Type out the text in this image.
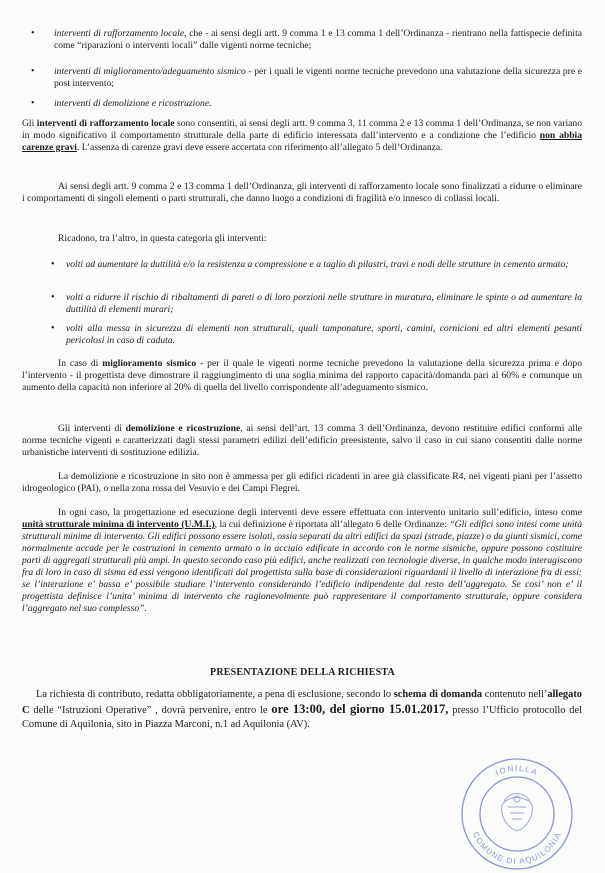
• interventi di rafforzamento locale, che - ai sensi degli artt. 9 comma 1 e 13 comma 1 dell’Ordinanza - rientrano nella fattispecie definita come “riparazioni o interventi locali” dalle vigenti norme tecniche;
• interventi di miglioramento/adeguamento sismico - per i quali le vigenti norme tecniche prevedono una valutazione della sicurezza pre e post intervento;
• interventi di demolizione e ricostruzione.
Gli interventi di rafforzamento locale sono consentiti, ai sensi degli artt. 9 comma 3, 11 comma 2 e 13 comma 1 dell’Ordinanza, se non variano in modo significativo il comportamento strutturale della parte di edificio interessata dall’intervento e a condizione che l’edificio non abbia carenze gravi. L’assenza di carenze gravi deve essere accertata con riferimento all’allegato 5 dell’Ordinanza.
Ai sensi degli artt. 9 comma 2 e 13 comma 1 dell’Ordinanza, gli interventi di rafforzamento locale sono finalizzati a ridurre o eliminare i comportamenti di singoli elementi o parti strutturali, che danno luogo a condizioni di fragilità e/o innesco di collassi locali.
Ricadono, tra l’altro, in questa categoria gli interventi:
• volti ad aumentare la duttilità e/o la resistenza a compressione e a taglio di pilastri, travi e nodi delle strutture in cemento armato;
• volti a ridurre il rischio di ribaltamenti di pareti o di loro porzioni nelle strutture in muratura, eliminare le spinte o ad aumentare la duttilità di elementi murari;
• volti alla messa in sicurezza di elementi non strutturali, quali tamponature, sporti, camini, cornicioni ed altri elementi pesanti pericolosi in caso di caduta.
In caso di miglioramento sismico - per il quale le vigenti norme tecniche prevedono la valutazione della sicurezza prima e dopo l’intervento - il progettista deve dimostrare il raggiungimento di una soglia minima del rapporto capacità/domanda pari al 60% e comunque un aumento della capacità non inferiore al 20% di quella del livello corrispondente all’adeguamento sismico.
Gli interventi di demolizione e ricostruzione, ai sensi dell’art. 13 comma 3 dell’Ordinanza, devono restituire edifici conformi alle norme tecniche vigenti e caratterizzati dagli stessi parametri edilizi dell’edificio preesistente, salvo il caso in cui siano consentiti dalle norme urbanistiche interventi di sostituzione edilizia.
La demolizione e ricostruzione in sito non è ammessa per gli edifici ricadenti in aree già classificate R4, nei vigenti piani per l’assetto idrogeologico (PAI), o nella zona rossa del Vesuvio e dei Campi Flegrei.
In ogni caso, la progettazione ed esecuzione degli interventi deve essere effettuata con intervento unitario sull’edificio, inteso come unità strutturale minima di intervento (U.M.I.), la cui definizione è riportata all’allegato 6 delle Ordinanze: “Gli edifici sono intesi come unità strutturali minime di intervento. Gli edifici possono essere isolati, ossia separati da altri edifici da spazi (strade, piazze) o da giunti sismici, come normalmente accade per le costruzioni in cemento armato o in acciaio edificate in accordo con le norme sismiche, oppure possono costituire parti di aggregati strutturali più ampi. In questo secondo caso più edifici, anche realizzati con tecnologie diverse, in qualche modo interagiscono fra di loro in caso di sisma ed essi vengono identificati dal progettista sulla base di considerazioni riguardanti il livello di interazione fra di essi: se l’interazione e’ bassa e’ possibile studiare l’intervento considerando l’edificio indipendente dal resto dell’aggregato. Se cosi’ non e’ il progettista definisce l’unita’ minima di intervento che ragionevolmente può rappresentare il comportamento strutturale, oppure considera l’aggregato nel suo complesso”.
PRESENTAZIONE DELLA RICHIESTA
La richiesta di contributo, redatta obbligatoriamente, a pena di esclusione, secondo lo schema di domanda contenuto nell’allegato C delle “Istruzioni Operative” , dovrà pervenire, entro le ore 13:00, del giorno 15.01.2017, presso l’Ufficio protocollo del Comune di Aquilonia, sito in Piazza Marconi, n.1 ad Aquilonia (AV).
IONILLA
COMUNE DI AQUILONIA
